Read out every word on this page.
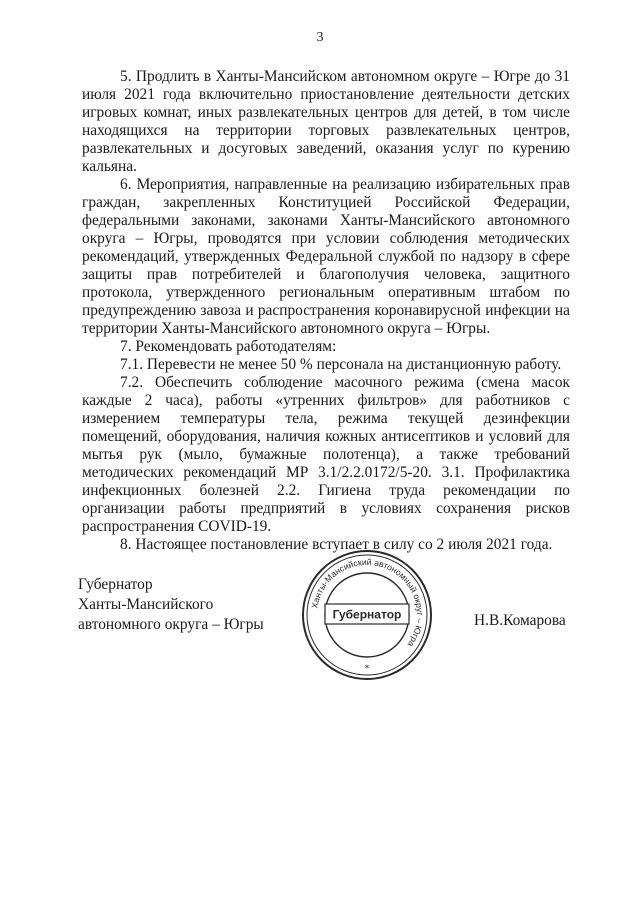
3

5. Продлить в Ханты-Мансийском автономном округе – Югре до 31 июля 2021 года включительно приостановление деятельности детских игровых комнат, иных развлекательных центров для детей, в том числе находящихся на территории торговых развлекательных центров, развлекательных и досуговых заведений, оказания услуг по курению кальяна.

6. Мероприятия, направленные на реализацию избирательных прав граждан, закрепленных Конституцией Российской Федерации, федеральными законами, законами Ханты-Мансийского автономного округа – Югры, проводятся при условии соблюдения методических рекомендаций, утвержденных Федеральной службой по надзору в сфере защиты прав потребителей и благополучия человека, защитного протокола, утвержденного региональным оперативным штабом по предупреждению завоза и распространения коронавирусной инфекции на территории Ханты-Мансийского автономного округа – Югры.

7. Рекомендовать работодателям:

7.1. Перевести не менее 50 % персонала на дистанционную работу.

7.2. Обеспечить соблюдение масочного режима (смена масок каждые 2 часа), работы «утренних фильтров» для работников с измерением температуры тела, режима текущей дезинфекции помещений, оборудования, наличия кожных антисептиков и условий для мытья рук (мыло, бумажные полотенца), а также требований методических рекомендаций МР 3.1/2.2.0172/5-20. 3.1. Профилактика инфекционных болезней 2.2. Гигиена труда рекомендации по организации работы предприятий в условиях сохранения рисков распространения COVID-19.

8. Настоящее постановление вступает в силу со 2 июля 2021 года.

Губернатор
Ханты-Мансийского
автономного округа – Югры	Н.В.Комарова
Ханты-Мансийский автономный округ – Югра
Губернатор
*
